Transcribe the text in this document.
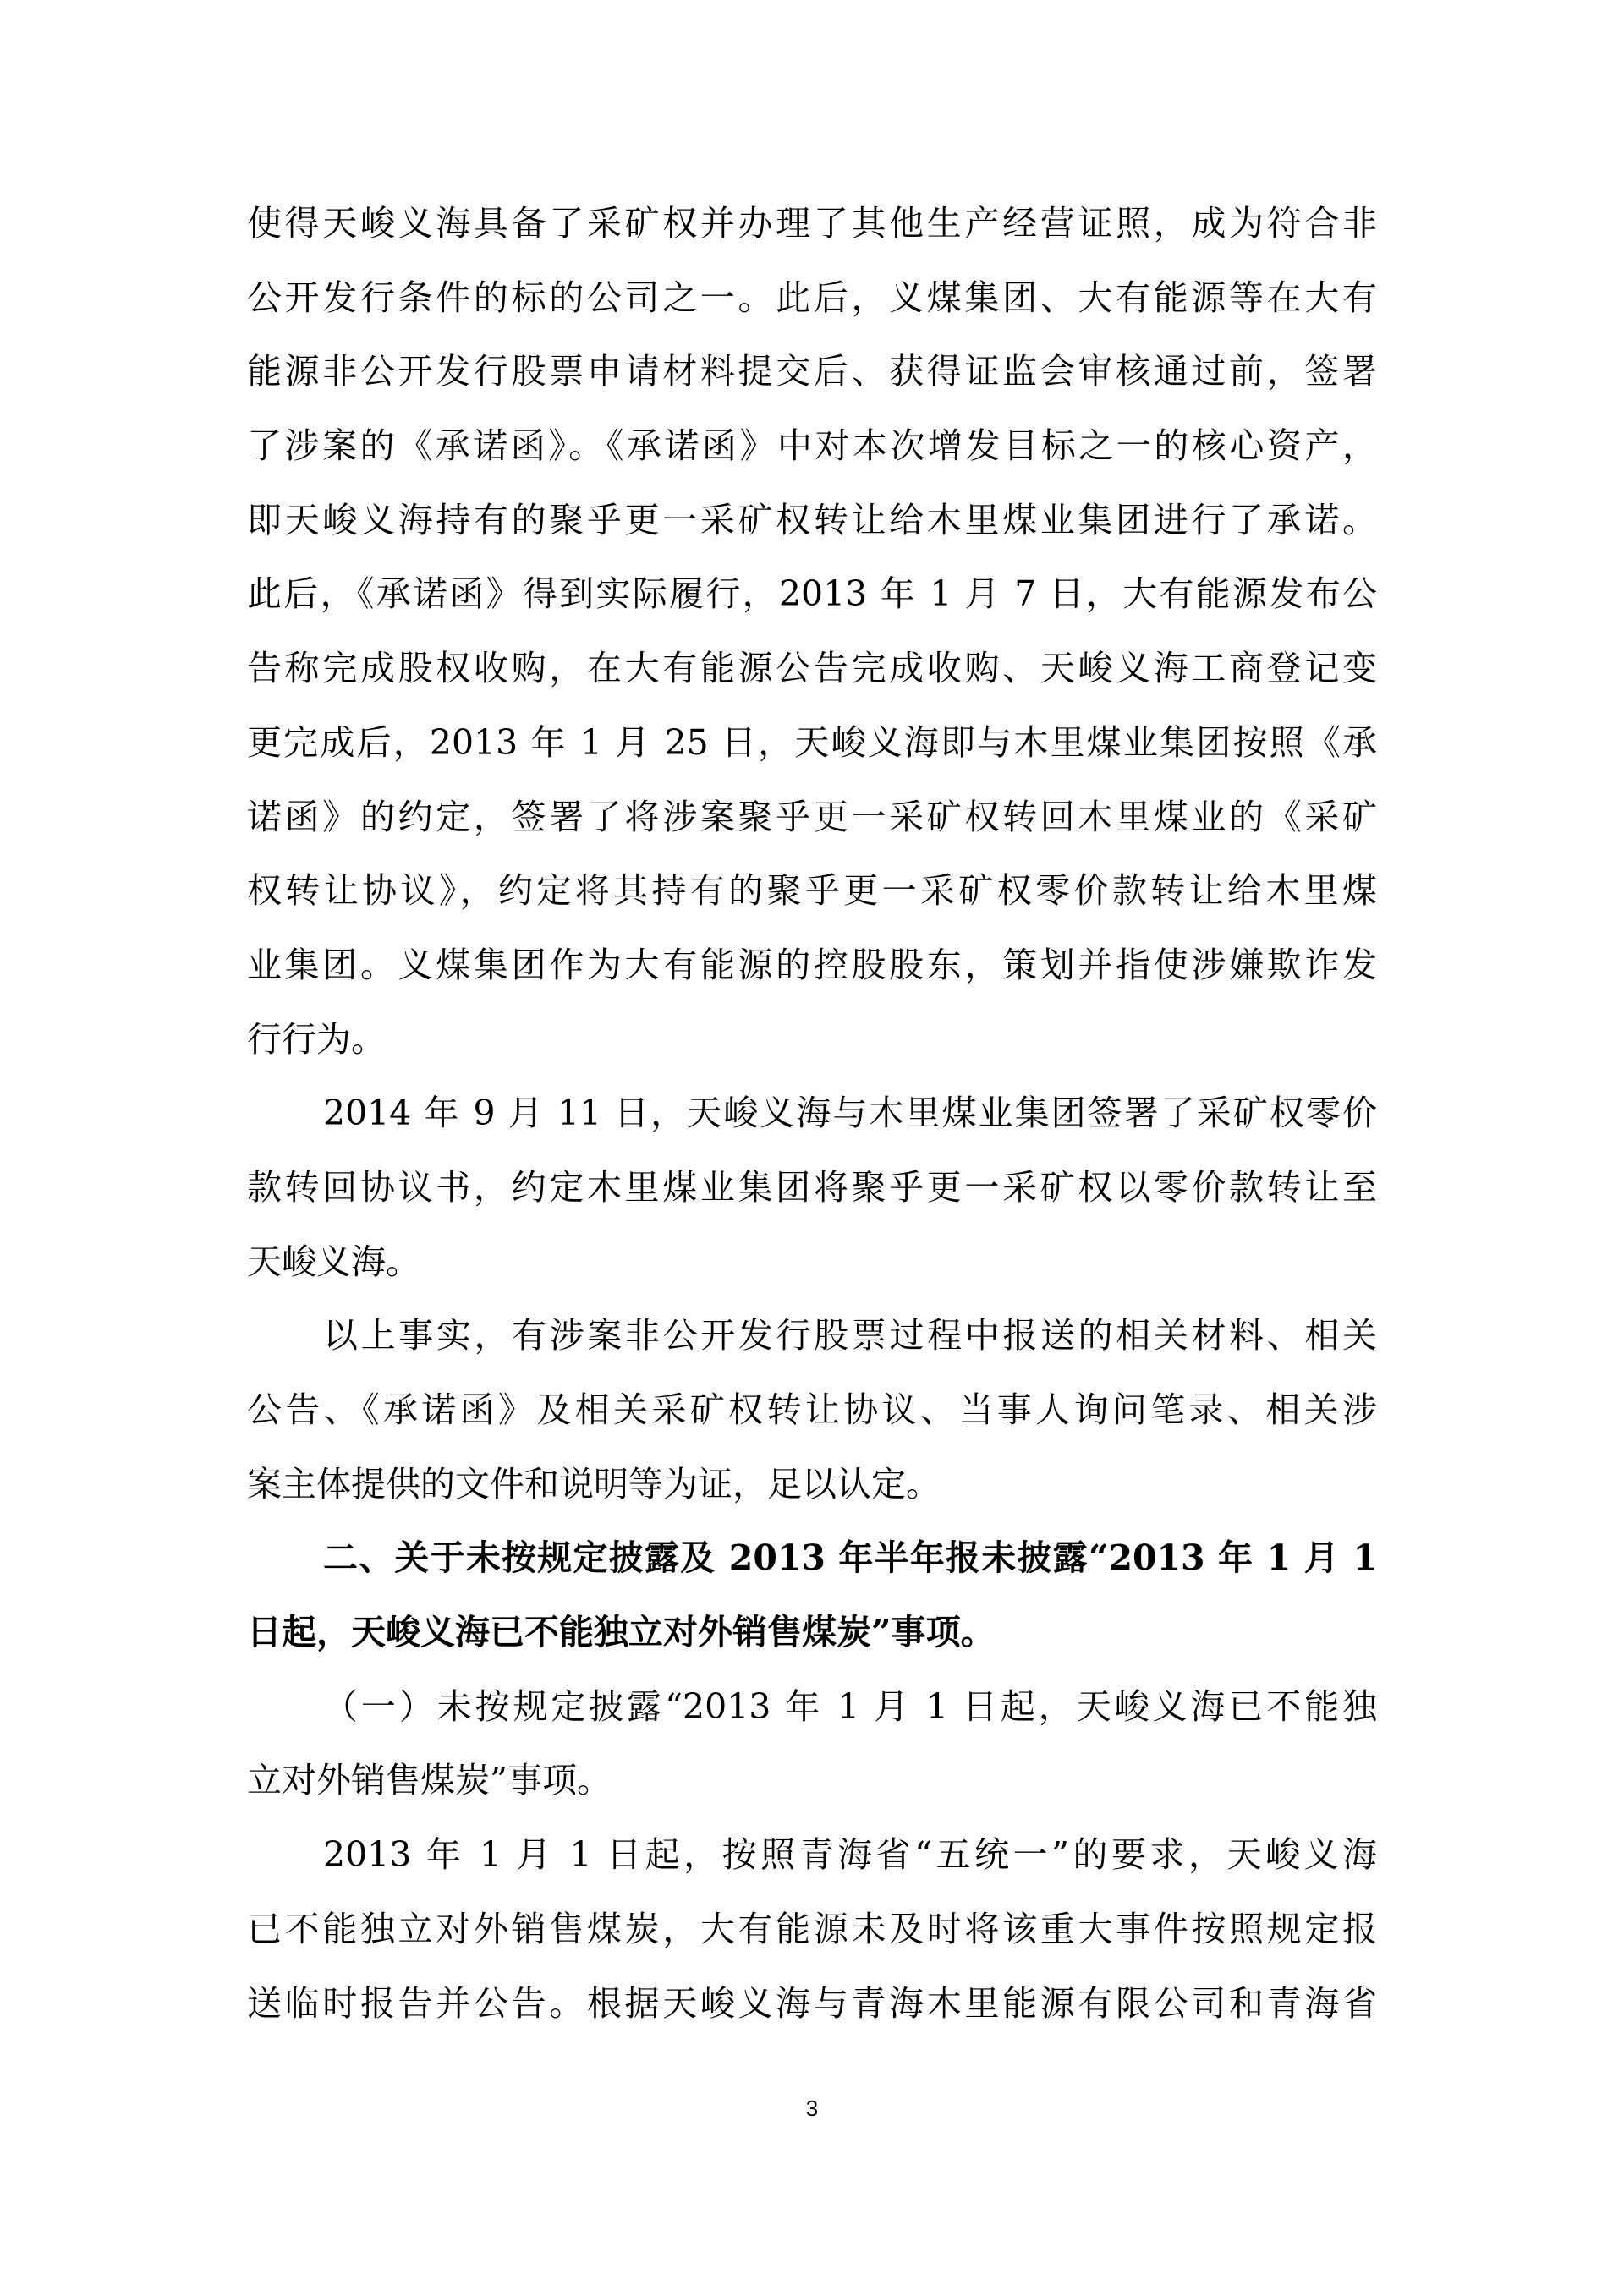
使得天峻义海具备了采矿权并办理了其他生产经营证照，成为符合非
公开发行条件的标的公司之一。此后，义煤集团、大有能源等在大有
能源非公开发行股票申请材料提交后、获得证监会审核通过前，签署
了涉案的《承诺函》。《承诺函》中对本次增发目标之一的核心资产，
即天峻义海持有的聚乎更一采矿权转让给木里煤业集团进行了承诺。
此后，《承诺函》得到实际履行，2013 年 1 月 7 日，大有能源发布公
告称完成股权收购，在大有能源公告完成收购、天峻义海工商登记变
更完成后，2013 年 1 月 25 日，天峻义海即与木里煤业集团按照《承
诺函》的约定，签署了将涉案聚乎更一采矿权转回木里煤业的《采矿
权转让协议》，约定将其持有的聚乎更一采矿权零价款转让给木里煤
业集团。义煤集团作为大有能源的控股股东，策划并指使涉嫌欺诈发
行行为。
2014 年 9 月 11 日，天峻义海与木里煤业集团签署了采矿权零价
款转回协议书，约定木里煤业集团将聚乎更一采矿权以零价款转让至
天峻义海。
以上事实，有涉案非公开发行股票过程中报送的相关材料、相关
公告、《承诺函》及相关采矿权转让协议、当事人询问笔录、相关涉
案主体提供的文件和说明等为证，足以认定。
二、关于未按规定披露及 2013 年半年报未披露“2013 年 1 月 1
日起，天峻义海已不能独立对外销售煤炭”事项。
（一）未按规定披露“2013 年 1 月 1 日起，天峻义海已不能独
立对外销售煤炭”事项。
2013 年 1 月 1 日起，按照青海省“五统一”的要求，天峻义海
已不能独立对外销售煤炭，大有能源未及时将该重大事件按照规定报
送临时报告并公告。根据天峻义海与青海木里能源有限公司和青海省
3
